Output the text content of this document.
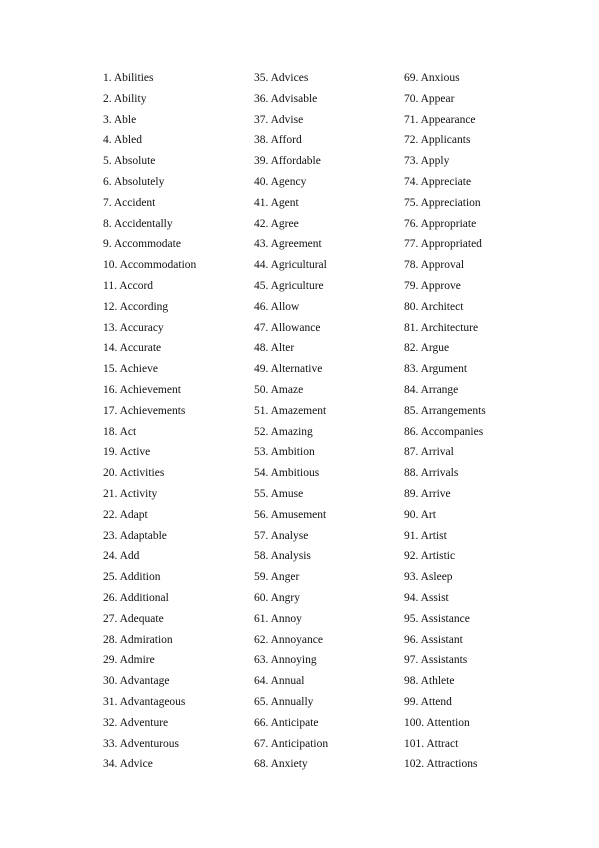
1. Abilities
2. Ability
3. Able
4. Abled
5. Absolute
6. Absolutely
7. Accident
8. Accidentally
9. Accommodate
10. Accommodation
11. Accord
12. According
13. Accuracy
14. Accurate
15. Achieve
16. Achievement
17. Achievements
18. Act
19. Active
20. Activities
21. Activity
22. Adapt
23. Adaptable
24. Add
25. Addition
26. Additional
27. Adequate
28. Admiration
29. Admire
30. Advantage
31. Advantageous
32. Adventure
33. Adventurous
34. Advice
35. Advices
36. Advisable
37. Advise
38. Afford
39. Affordable
40. Agency
41. Agent
42. Agree
43. Agreement
44. Agricultural
45. Agriculture
46. Allow
47. Allowance
48. Alter
49. Alternative
50. Amaze
51. Amazement
52. Amazing
53. Ambition
54. Ambitious
55. Amuse
56. Amusement
57. Analyse
58. Analysis
59. Anger
60. Angry
61. Annoy
62. Annoyance
63. Annoying
64. Annual
65. Annually
66. Anticipate
67. Anticipation
68. Anxiety
69. Anxious
70. Appear
71. Appearance
72. Applicants
73. Apply
74. Appreciate
75. Appreciation
76. Appropriate
77. Appropriated
78. Approval
79. Approve
80. Architect
81. Architecture
82. Argue
83. Argument
84. Arrange
85. Arrangements
86. Accompanies
87. Arrival
88. Arrivals
89. Arrive
90. Art
91. Artist
92. Artistic
93. Asleep
94. Assist
95. Assistance
96. Assistant
97. Assistants
98. Athlete
99. Attend
100. Attention
101. Attract
102. Attractions
